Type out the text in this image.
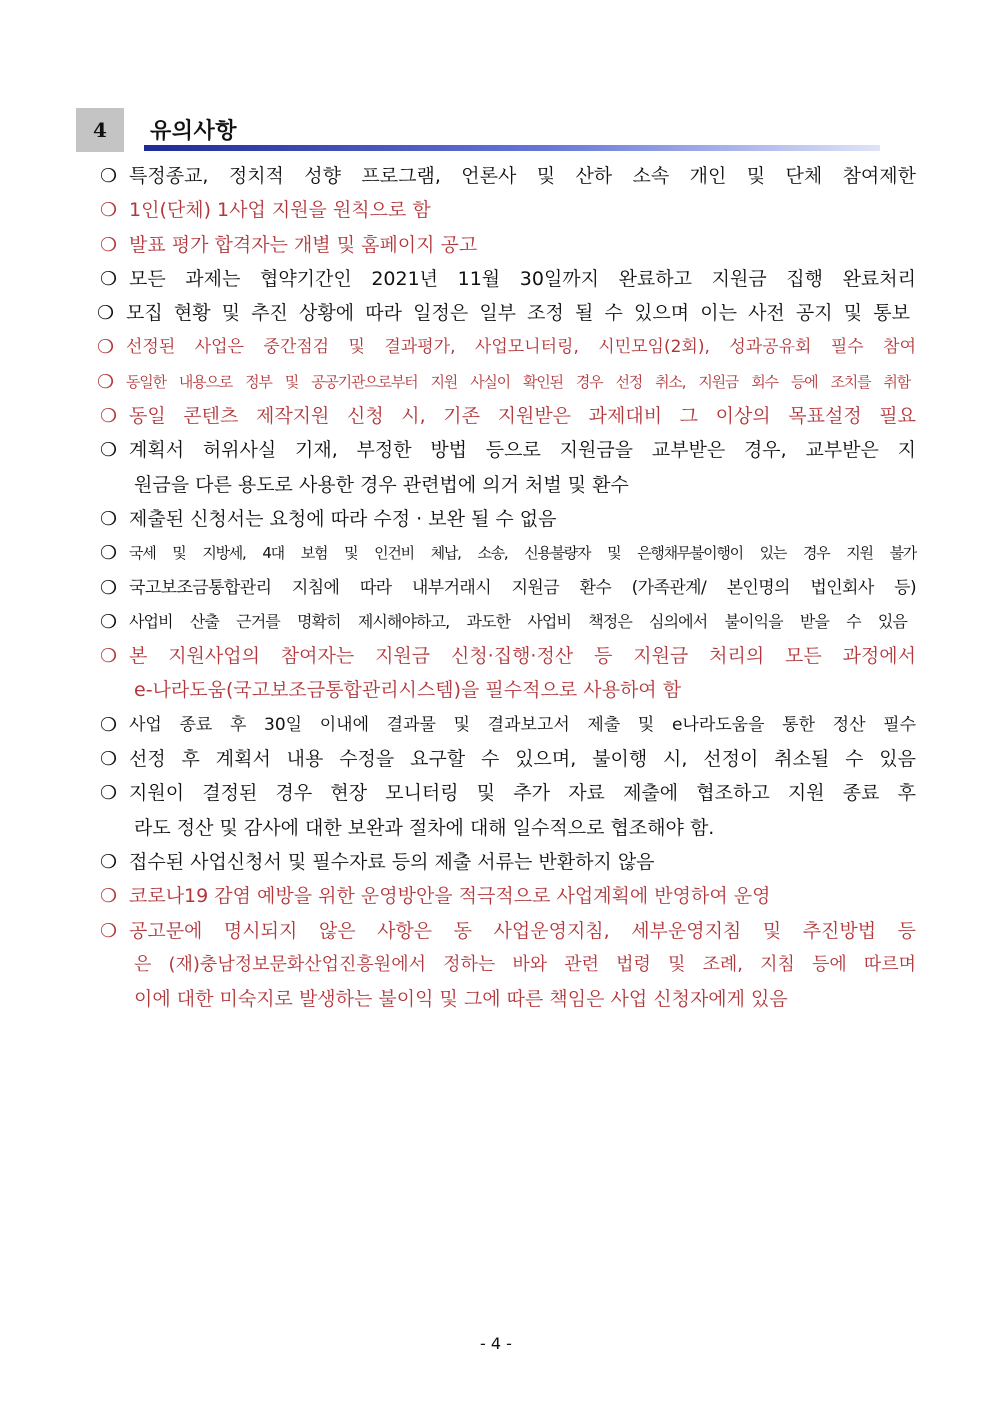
4	유의사항
❍ 특정종교, 정치적 성향 프로그램, 언론사 및 산하 소속 개인 및 단체 참여제한
❍ 1인(단체) 1사업 지원을 원칙으로 함
❍ 발표 평가 합격자는 개별 및 홈페이지 공고
❍ 모든 과제는 협약기간인 2021년 11월 30일까지 완료하고 지원금 집행 완료처리
❍ 모집 현황 및 추진 상황에 따라 일정은 일부 조정 될 수 있으며 이는 사전 공지 및 통보
❍ 선정된 사업은 중간점검 및 결과평가, 사업모니터링, 시민모임(2회), 성과공유회 필수 참여
❍ 동일한 내용으로 정부 및 공공기관으로부터 지원 사실이 확인된 경우 선정 취소, 지원금 회수 등에 조치를 취함
❍ 동일 콘텐츠 제작지원 신청 시, 기존 지원받은 과제대비 그 이상의 목표설정 필요
❍ 계획서 허위사실 기재, 부정한 방법 등으로 지원금을 교부받은 경우, 교부받은 지
원금을 다른 용도로 사용한 경우 관련법에 의거 처벌 및 환수
❍ 제출된 신청서는 요청에 따라 수정 · 보완 될 수 없음
❍ 국세 및 지방세, 4대 보험 및 인건비 체납, 소송, 신용불량자 및 은행채무불이행이 있는 경우 지원 불가
❍ 국고보조금통합관리 지침에 따라 내부거래시 지원금 환수 (가족관계/ 본인명의 법인회사 등)
❍ 사업비 산출 근거를 명확히 제시해야하고, 과도한 사업비 책정은 심의에서 불이익을 받을 수 있음
❍ 본 지원사업의 참여자는 지원금 신청·집행·정산 등 지원금 처리의 모든 과정에서
e-나라도움(국고보조금통합관리시스템)을 필수적으로 사용하여 함
❍ 사업 종료 후 30일 이내에 결과물 및 결과보고서 제출 및 e나라도움을 통한 정산 필수
❍ 선정 후 계획서 내용 수정을 요구할 수 있으며, 불이행 시, 선정이 취소될 수 있음
❍ 지원이 결정된 경우 현장 모니터링 및 추가 자료 제출에 협조하고 지원 종료 후
라도 정산 및 감사에 대한 보완과 절차에 대해 일수적으로 협조해야 함.
❍ 접수된 사업신청서 및 필수자료 등의 제출 서류는 반환하지 않음
❍ 코로나19 감염 예방을 위한 운영방안을 적극적으로 사업계획에 반영하여 운영
❍ 공고문에 명시되지 않은 사항은 동 사업운영지침, 세부운영지침 및 추진방법 등
은 (재)충남정보문화산업진흥원에서 정하는 바와 관련 법령 및 조례, 지침 등에 따르며
이에 대한 미숙지로 발생하는 불이익 및 그에 따른 책임은 사업 신청자에게 있음
- 4 -
